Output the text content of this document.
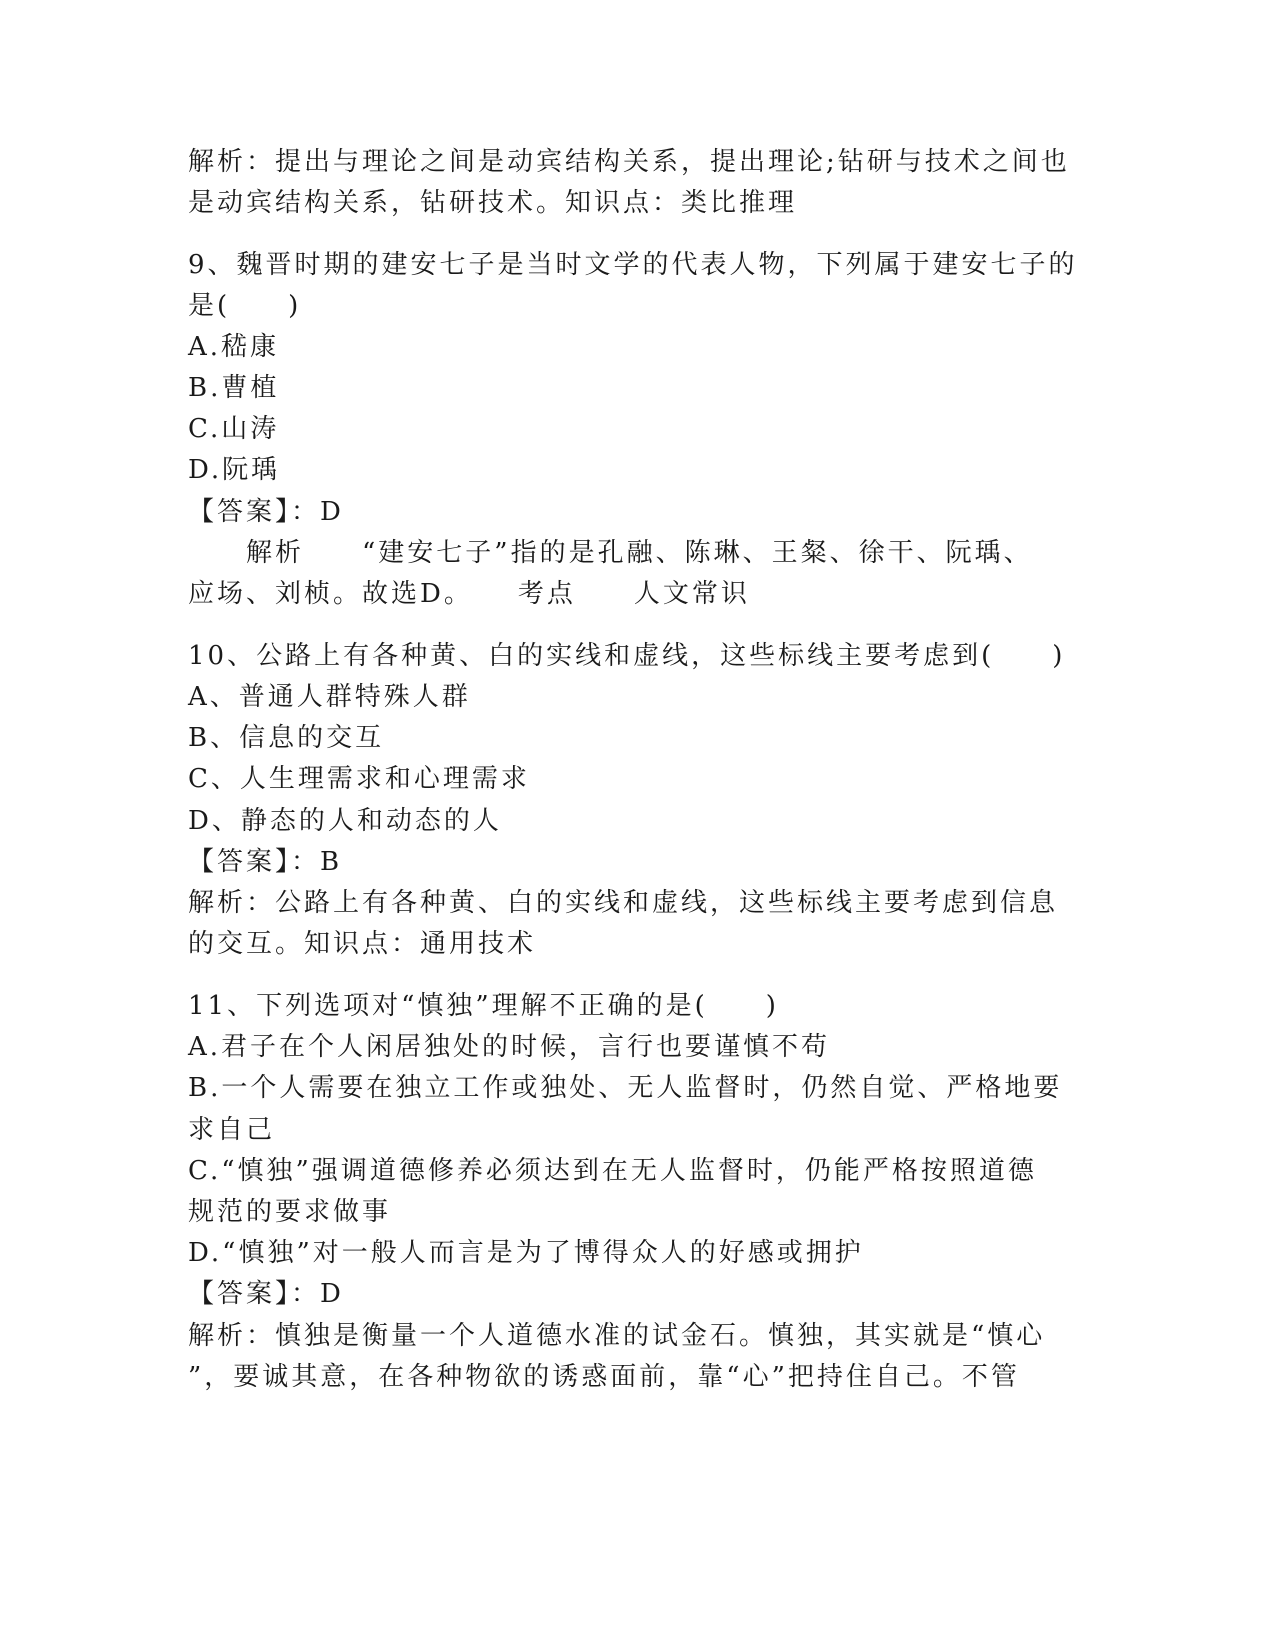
解析：提出与理论之间是动宾结构关系，提出理论;钻研与技术之间也
是动宾结构关系，钻研技术。知识点：类比推理
9、魏晋时期的建安七子是当时文学的代表人物，下列属于建安七子的
是(　　)
A.嵇康
B.曹植
C.山涛
D.阮瑀
【答案】：D
　　解析　　“建安七子”指的是孔融、陈琳、王粲、徐干、阮瑀、
应场、刘桢。故选D。　　考点　　人文常识
10、公路上有各种黄、白的实线和虚线，这些标线主要考虑到(　　)
A、普通人群特殊人群
B、信息的交互
C、人生理需求和心理需求
D、静态的人和动态的人
【答案】：B
解析：公路上有各种黄、白的实线和虚线，这些标线主要考虑到信息
的交互。知识点：通用技术
11、下列选项对“慎独”理解不正确的是(　　)
A.君子在个人闲居独处的时候，言行也要谨慎不苟
B.一个人需要在独立工作或独处、无人监督时，仍然自觉、严格地要
求自己
C.“慎独”强调道德修养必须达到在无人监督时，仍能严格按照道德
规范的要求做事
D.“慎独”对一般人而言是为了博得众人的好感或拥护
【答案】：D
解析：慎独是衡量一个人道德水准的试金石。慎独，其实就是“慎心
”，要诚其意，在各种物欲的诱惑面前，靠“心”把持住自己。不管
